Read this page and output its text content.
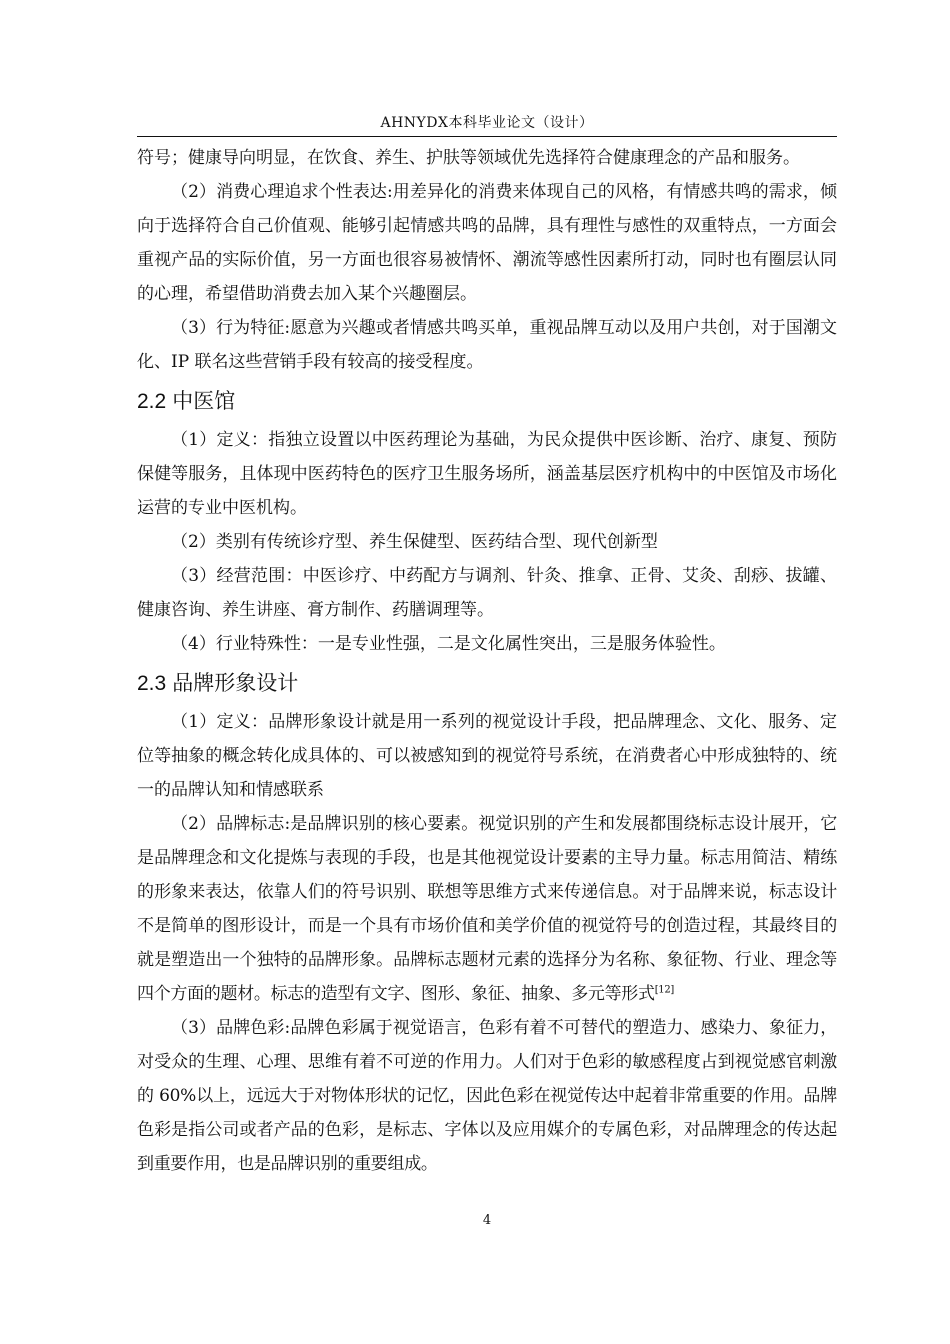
AHNYDX本科毕业论文（设计）

符号；健康导向明显，在饮食、养生、护肤等领域优先选择符合健康理念的产品和服务。

（2）消费心理追求个性表达:用差异化的消费来体现自己的风格，有情感共鸣的需求，倾向于选择符合自己价值观、能够引起情感共鸣的品牌，具有理性与感性的双重特点，一方面会重视产品的实际价值，另一方面也很容易被情怀、潮流等感性因素所打动，同时也有圈层认同的心理，希望借助消费去加入某个兴趣圈层。

（3）行为特征:愿意为兴趣或者情感共鸣买单，重视品牌互动以及用户共创，对于国潮文化、IP 联名这些营销手段有较高的接受程度。

2.2 中医馆

（1）定义：指独立设置以中医药理论为基础，为民众提供中医诊断、治疗、康复、预防保健等服务，且体现中医药特色的医疗卫生服务场所，涵盖基层医疗机构中的中医馆及市场化运营的专业中医机构。

（2）类别有传统诊疗型、养生保健型、医药结合型、现代创新型

（3）经营范围：中医诊疗、中药配方与调剂、针灸、推拿、正骨、艾灸、刮痧、拔罐、健康咨询、养生讲座、膏方制作、药膳调理等。

（4）行业特殊性：一是专业性强，二是文化属性突出，三是服务体验性。

2.3 品牌形象设计

（1）定义：品牌形象设计就是用一系列的视觉设计手段，把品牌理念、文化、服务、定位等抽象的概念转化成具体的、可以被感知到的视觉符号系统，在消费者心中形成独特的、统一的品牌认知和情感联系

（2）品牌标志:是品牌识别的核心要素。视觉识别的产生和发展都围绕标志设计展开，它是品牌理念和文化提炼与表现的手段，也是其他视觉设计要素的主导力量。标志用简洁、精练的形象来表达，依靠人们的符号识别、联想等思维方式来传递信息。对于品牌来说，标志设计不是简单的图形设计，而是一个具有市场价值和美学价值的视觉符号的创造过程，其最终目的就是塑造出一个独特的品牌形象。品牌标志题材元素的选择分为名称、象征物、行业、理念等四个方面的题材。标志的造型有文字、图形、象征、抽象、多元等形式[12]

（3）品牌色彩:品牌色彩属于视觉语言，色彩有着不可替代的塑造力、感染力、象征力，对受众的生理、心理、思维有着不可逆的作用力。人们对于色彩的敏感程度占到视觉感官刺激的 60%以上，远远大于对物体形状的记忆，因此色彩在视觉传达中起着非常重要的作用。品牌色彩是指公司或者产品的色彩，是标志、字体以及应用媒介的专属色彩，对品牌理念的传达起到重要作用，也是品牌识别的重要组成。

4
